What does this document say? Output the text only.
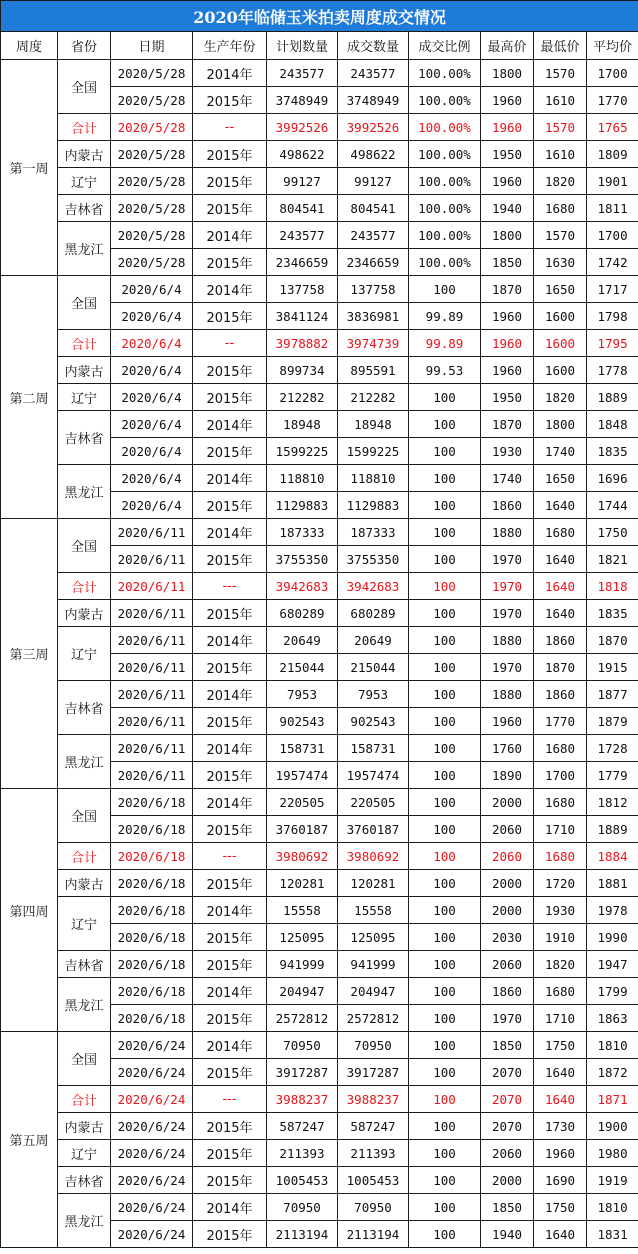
2020年临储玉米拍卖周度成交情况									
周度	省份	日期	生产年份	计划数量	成交数量	成交比例	最高价	最低价	平均价
第一周	全国	2020/5/28	2014年	243577	243577	100.00%	1800	1570	1700
		2020/5/28	2015年	3748949	3748949	100.00%	1960	1610	1770
	合计	2020/5/28	--	3992526	3992526	100.00%	1960	1570	1765
	内蒙古	2020/5/28	2015年	498622	498622	100.00%	1950	1610	1809
	辽宁	2020/5/28	2015年	99127	99127	100.00%	1960	1820	1901
	吉林省	2020/5/28	2015年	804541	804541	100.00%	1940	1680	1811
	黑龙江	2020/5/28	2014年	243577	243577	100.00%	1800	1570	1700
		2020/5/28	2015年	2346659	2346659	100.00%	1850	1630	1742
第二周	全国	2020/6/4	2014年	137758	137758	100	1870	1650	1717
		2020/6/4	2015年	3841124	3836981	99.89	1960	1600	1798
	合计	2020/6/4	--	3978882	3974739	99.89	1960	1600	1795
	内蒙古	2020/6/4	2015年	899734	895591	99.53	1960	1600	1778
	辽宁	2020/6/4	2015年	212282	212282	100	1950	1820	1889
	吉林省	2020/6/4	2014年	18948	18948	100	1870	1800	1848
		2020/6/4	2015年	1599225	1599225	100	1930	1740	1835
	黑龙江	2020/6/4	2014年	118810	118810	100	1740	1650	1696
		2020/6/4	2015年	1129883	1129883	100	1860	1640	1744
第三周	全国	2020/6/11	2014年	187333	187333	100	1880	1680	1750
		2020/6/11	2015年	3755350	3755350	100	1970	1640	1821
	合计	2020/6/11	---	3942683	3942683	100	1970	1640	1818
	内蒙古	2020/6/11	2015年	680289	680289	100	1970	1640	1835
	辽宁	2020/6/11	2014年	20649	20649	100	1880	1860	1870
		2020/6/11	2015年	215044	215044	100	1970	1870	1915
	吉林省	2020/6/11	2014年	7953	7953	100	1880	1860	1877
		2020/6/11	2015年	902543	902543	100	1960	1770	1879
	黑龙江	2020/6/11	2014年	158731	158731	100	1760	1680	1728
		2020/6/11	2015年	1957474	1957474	100	1890	1700	1779
第四周	全国	2020/6/18	2014年	220505	220505	100	2000	1680	1812
		2020/6/18	2015年	3760187	3760187	100	2060	1710	1889
	合计	2020/6/18	---	3980692	3980692	100	2060	1680	1884
	内蒙古	2020/6/18	2015年	120281	120281	100	2000	1720	1881
	辽宁	2020/6/18	2014年	15558	15558	100	2000	1930	1978
		2020/6/18	2015年	125095	125095	100	2030	1910	1990
	吉林省	2020/6/18	2015年	941999	941999	100	2060	1820	1947
	黑龙江	2020/6/18	2014年	204947	204947	100	1860	1680	1799
		2020/6/18	2015年	2572812	2572812	100	1970	1710	1863
第五周	全国	2020/6/24	2014年	70950	70950	100	1850	1750	1810
		2020/6/24	2015年	3917287	3917287	100	2070	1640	1872
	合计	2020/6/24	---	3988237	3988237	100	2070	1640	1871
	内蒙古	2020/6/24	2015年	587247	587247	100	2070	1730	1900
	辽宁	2020/6/24	2015年	211393	211393	100	2060	1960	1980
	吉林省	2020/6/24	2015年	1005453	1005453	100	2000	1690	1919
	黑龙江	2020/6/24	2014年	70950	70950	100	1850	1750	1810
		2020/6/24	2015年	2113194	2113194	100	1940	1640	1831
